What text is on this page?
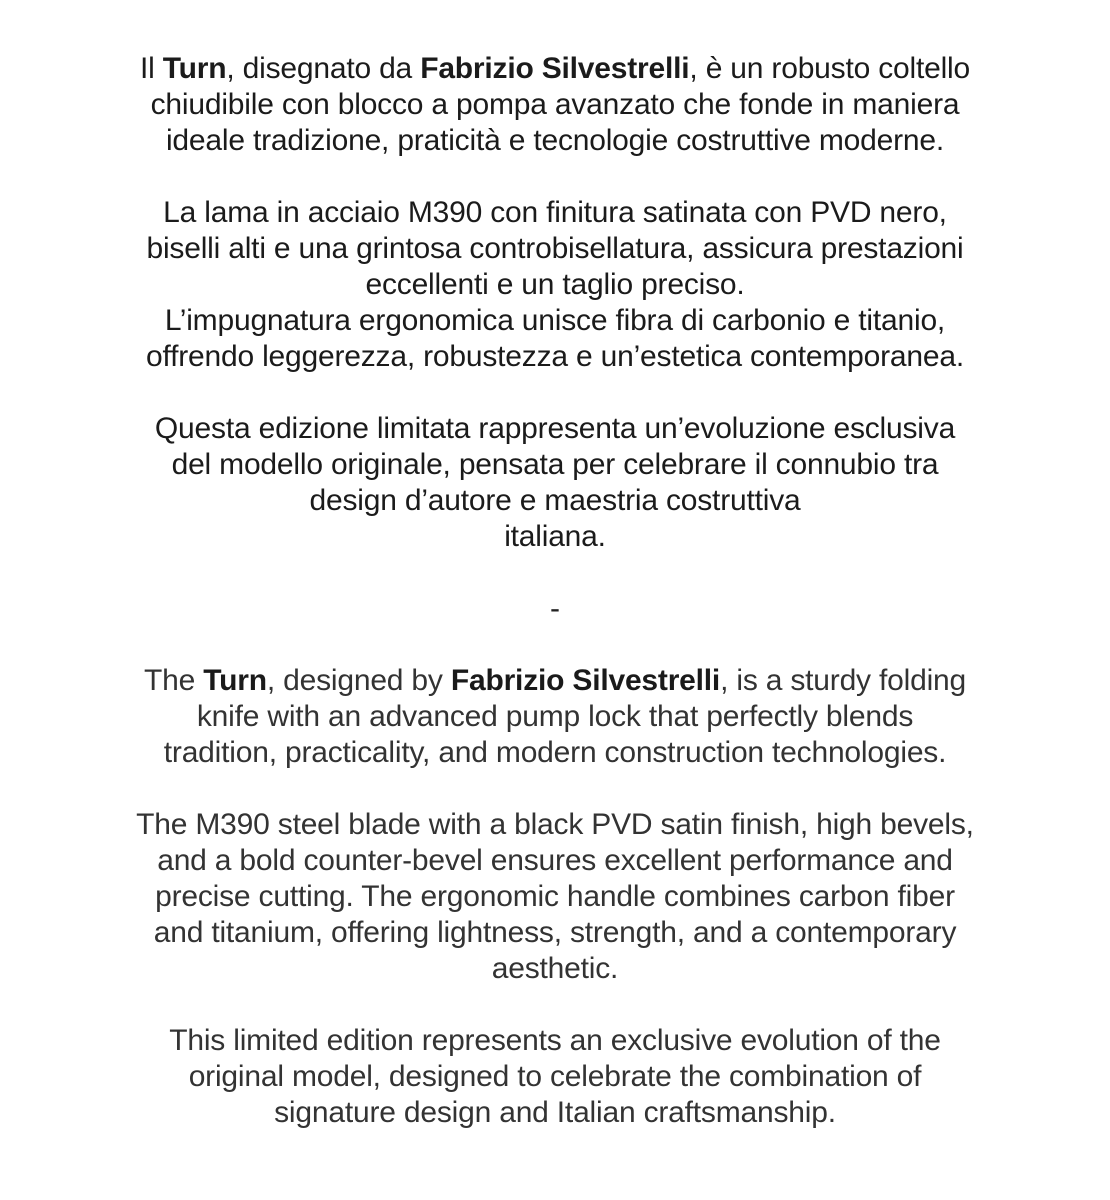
Il Turn, disegnato da Fabrizio Silvestrelli, è un robusto coltello
chiudibile con blocco a pompa avanzato che fonde in maniera
ideale tradizione, praticità e tecnologie costruttive moderne.

La lama in acciaio M390 con finitura satinata con PVD nero,
biselli alti e una grintosa controbisellatura, assicura prestazioni
eccellenti e un taglio preciso.
L’impugnatura ergonomica unisce fibra di carbonio e titanio,
offrendo leggerezza, robustezza e un’estetica contemporanea.

Questa edizione limitata rappresenta un’evoluzione esclusiva
del modello originale, pensata per celebrare il connubio tra
design d’autore e maestria costruttiva
italiana.

-

The Turn, designed by Fabrizio Silvestrelli, is a sturdy folding
knife with an advanced pump lock that perfectly blends
tradition, practicality, and modern construction technologies.

The M390 steel blade with a black PVD satin finish, high bevels,
and a bold counter-bevel ensures excellent performance and
precise cutting. The ergonomic handle combines carbon fiber
and titanium, offering lightness, strength, and a contemporary
aesthetic.

This limited edition represents an exclusive evolution of the
original model, designed to celebrate the combination of
signature design and Italian craftsmanship.
